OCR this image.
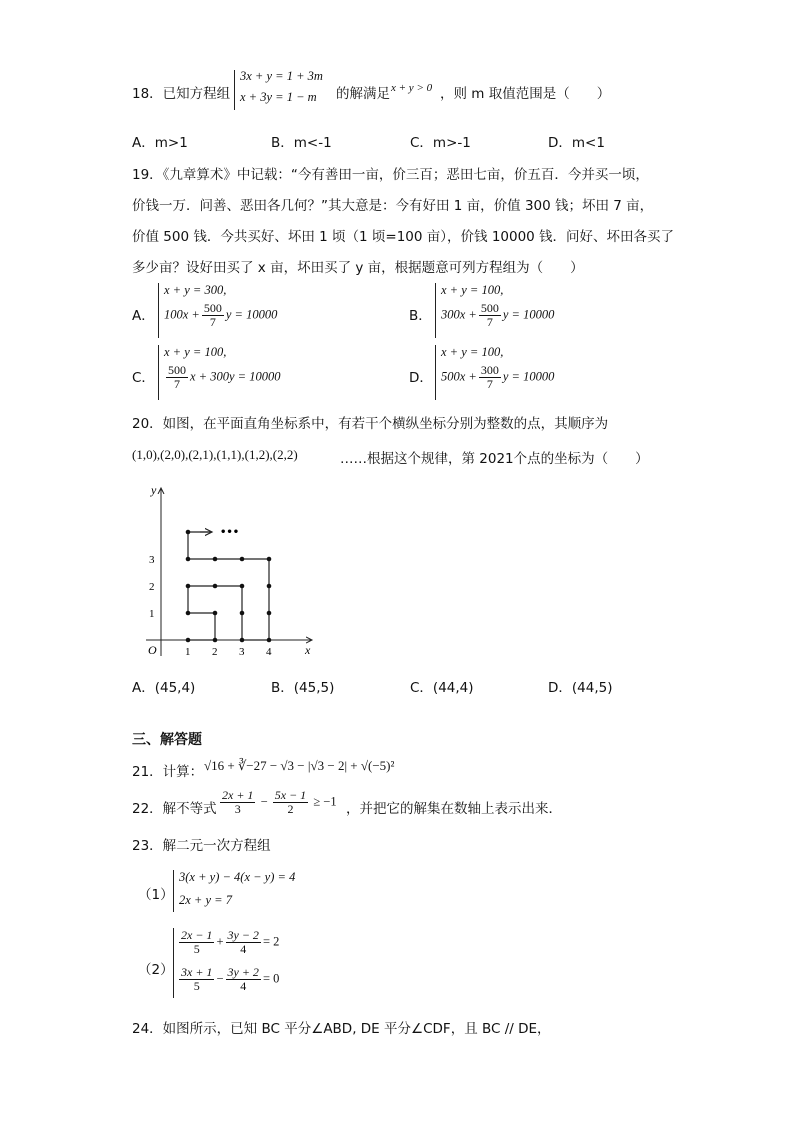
18．已知方程组
3x + y = 1 + 3m
x + 3y = 1 − m 的解满足 x + y > 0 ，则 m 取值范围是（　　）
A．m>1	B．m<-1	C．m>-1	D．m<1
19．《九章算术》中记载：“今有善田一亩，价三百；恶田七亩，价五百．今并买一顷，
价钱一万．问善、恶田各几何？”其大意是：今有好田 1 亩，价值 300 钱；坏田 7 亩，
价值 500 钱．今共买好、坏田 1 顷（1 顷=100 亩），价钱 10000 钱．问好、坏田各买了
多少亩？设好田买了 x 亩，坏田买了 y 亩，根据题意可列方程组为（　　）
A．
x + y = 300,
$100x + \frac{500}{7}$ y = 10000	B．
x + y = 100,
$300x + \frac{500}{7}$ y = 10000
C．
x + y = 100,
$\frac{500}{7}$ x + 300y = 10000	D．
x + y = 100,
$500x + \frac{300}{7}$ y = 10000
20．如图，在平面直角坐标系中，有若干个横纵坐标分别为整数的点，其顺序为
(1,0),(2,0),(2,1),(1,1),(1,2),(2,2)	……根据这个规律，第 2021个点的坐标为（　　）
y
x
O	1 2 3 4
1
2
3
•••
A．(45,4)	B．(45,5)	C．(44,4)	D．(44,5)
三、解答题
21．计算： √16 + ∛−27 − √3 − |√3 − 2| + √(−5)²
22．解不等式 $\frac{2x + 1}{3} - \frac{5x - 1}{2} \ge -1$ ，并把它的解集在数轴上表示出来．
23．解二元一次方程组
（1）
3(x + y) − 4(x − y) = 4
2x + y = 7
（2）
$\frac{2x - 1}{5} + \frac{3y - 2}{4} = 2$
$\frac{3x + 1}{5} - \frac{3y + 2}{4} = 0$
24．如图所示，已知 BC 平分∠ABD, DE 平分∠CDF，且 BC // DE，
